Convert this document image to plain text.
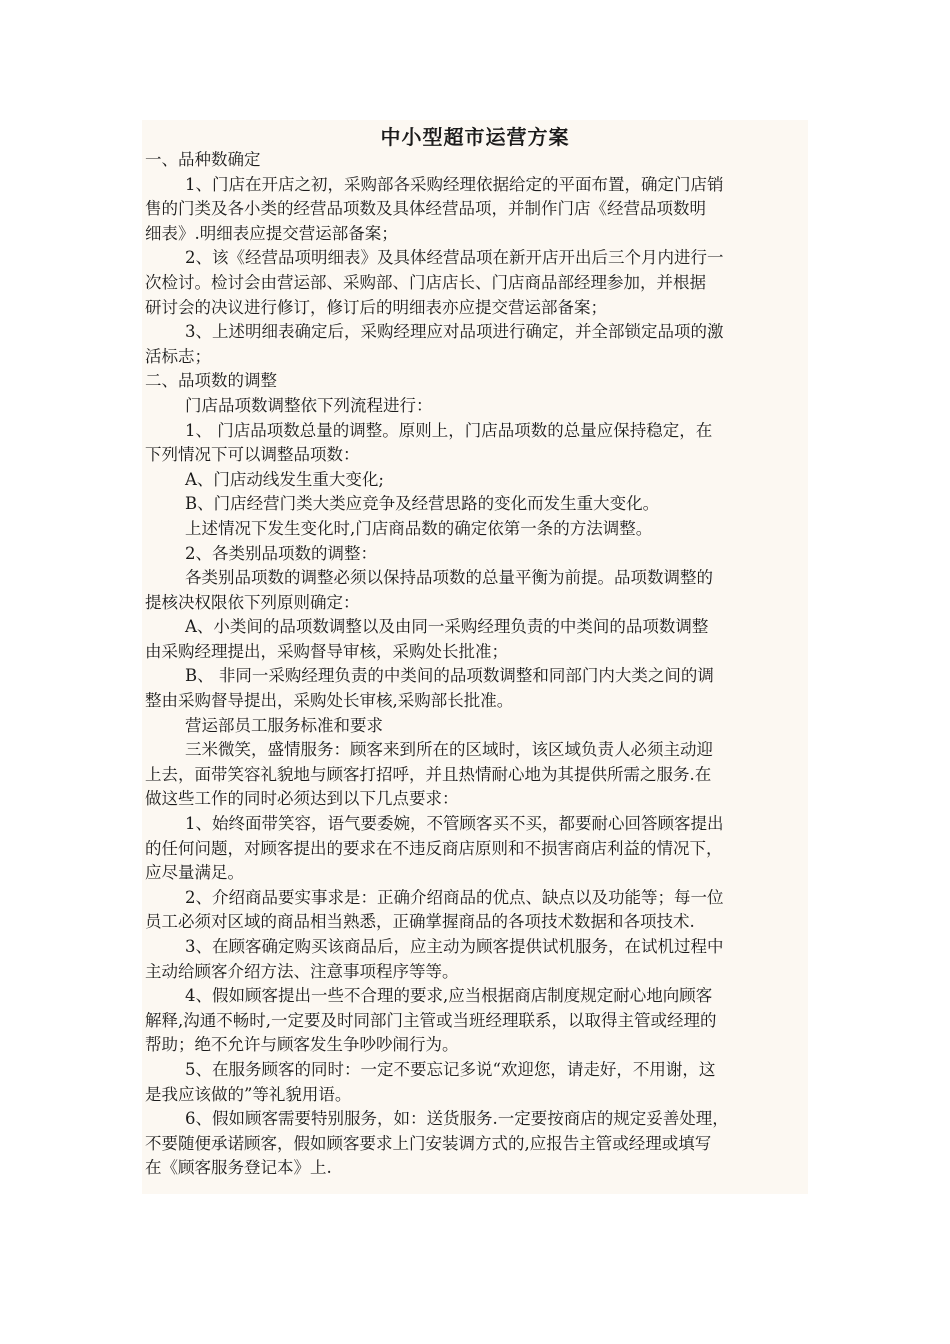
中小型超市运营方案
一、品种数确定
1、门店在开店之初，采购部各采购经理依据给定的平面布置，确定门店销
售的门类及各小类的经营品项数及具体经营品项，并制作门店《经营品项数明
细表》.明细表应提交营运部备案；
2、该《经营品项明细表》及具体经营品项在新开店开出后三个月内进行一
次检讨。检讨会由营运部、采购部、门店店长、门店商品部经理参加，并根据
研讨会的决议进行修订，修订后的明细表亦应提交营运部备案；
3、上述明细表确定后，采购经理应对品项进行确定，并全部锁定品项的激
活标志；
二、品项数的调整
门店品项数调整依下列流程进行：
1、 门店品项数总量的调整。原则上，门店品项数的总量应保持稳定，在
下列情况下可以调整品项数：
A、门店动线发生重大变化;
B、门店经营门类大类应竞争及经营思路的变化而发生重大变化。
上述情况下发生变化时,门店商品数的确定依第一条的方法调整。
2、各类别品项数的调整：
各类别品项数的调整必须以保持品项数的总量平衡为前提。品项数调整的
提核决权限依下列原则确定：
A、小类间的品项数调整以及由同一采购经理负责的中类间的品项数调整
由采购经理提出，采购督导审核，采购处长批准；
B、 非同一采购经理负责的中类间的品项数调整和同部门内大类之间的调
整由采购督导提出，采购处长审核,采购部长批准。
营运部员工服务标准和要求
三米微笑，盛情服务：顾客来到所在的区域时，该区域负责人必须主动迎
上去，面带笑容礼貌地与顾客打招呼，并且热情耐心地为其提供所需之服务.在
做这些工作的同时必须达到以下几点要求：
1、始终面带笑容，语气要委婉，不管顾客买不买，都要耐心回答顾客提出
的任何问题，对顾客提出的要求在不违反商店原则和不损害商店利益的情况下，
应尽量满足。
2、介绍商品要实事求是：正确介绍商品的优点、缺点以及功能等；每一位
员工必须对区域的商品相当熟悉，正确掌握商品的各项技术数据和各项技术.
3、在顾客确定购买该商品后，应主动为顾客提供试机服务，在试机过程中
主动给顾客介绍方法、注意事项程序等等。
4、假如顾客提出一些不合理的要求,应当根据商店制度规定耐心地向顾客
解释,沟通不畅时,一定要及时同部门主管或当班经理联系，以取得主管或经理的
帮助；绝不允许与顾客发生争吵吵闹行为。
5、在服务顾客的同时：一定不要忘记多说“欢迎您，请走好，不用谢，这
是我应该做的”等礼貌用语。
6、假如顾客需要特别服务，如：送货服务.一定要按商店的规定妥善处理，
不要随便承诺顾客，假如顾客要求上门安装调方式的,应报告主管或经理或填写
在《顾客服务登记本》上.
